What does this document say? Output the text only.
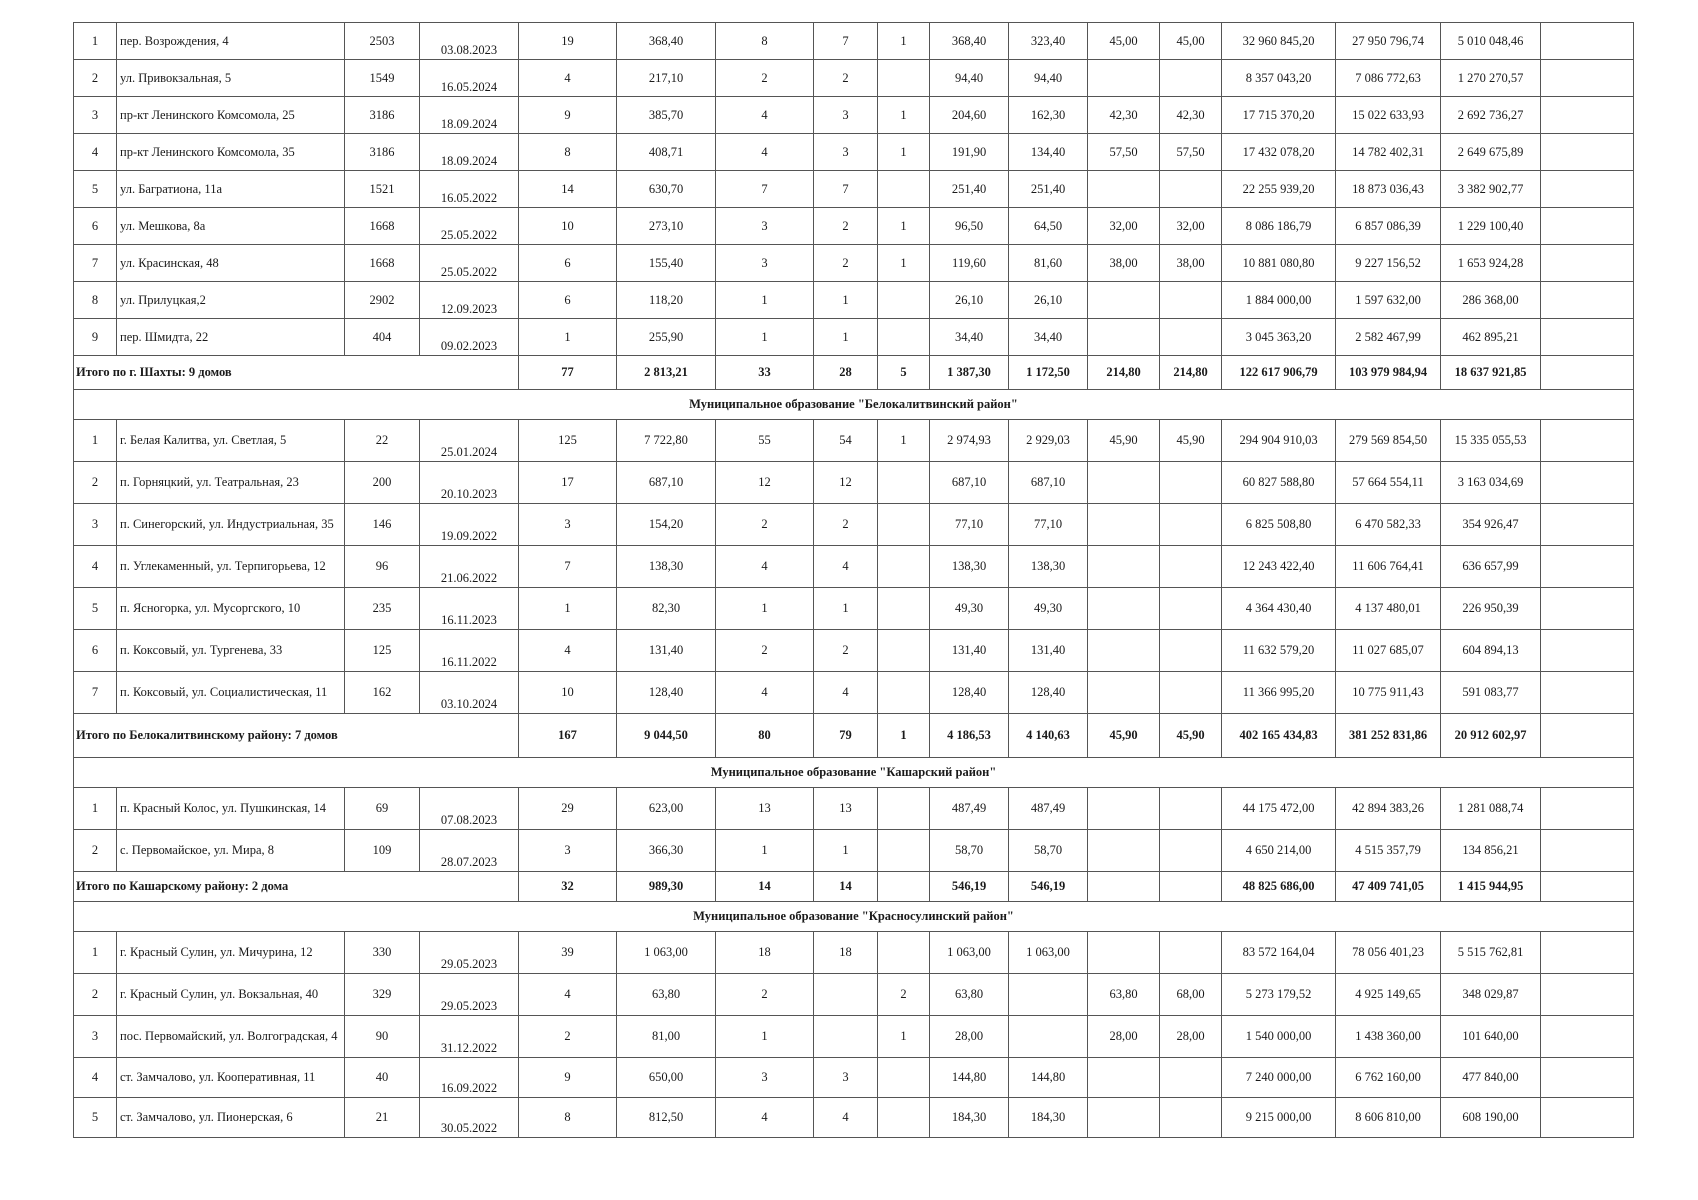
1	пер. Возрождения, 4	2503	03.08.2023	19	368,40	8	7	1	368,40	323,40	45,00	45,00	32 960 845,20	27 950 796,74	5 010 048,46	
2	ул. Привокзальная, 5	1549	16.05.2024	4	217,10	2	2		94,40	94,40			8 357 043,20	7 086 772,63	1 270 270,57	
3	пр-кт Ленинского Комсомола, 25	3186	18.09.2024	9	385,70	4	3	1	204,60	162,30	42,30	42,30	17 715 370,20	15 022 633,93	2 692 736,27	
4	пр-кт Ленинского Комсомола, 35	3186	18.09.2024	8	408,71	4	3	1	191,90	134,40	57,50	57,50	17 432 078,20	14 782 402,31	2 649 675,89	
5	ул. Багратиона, 11а	1521	16.05.2022	14	630,70	7	7		251,40	251,40			22 255 939,20	18 873 036,43	3 382 902,77	
6	ул. Мешкова, 8а	1668	25.05.2022	10	273,10	3	2	1	96,50	64,50	32,00	32,00	8 086 186,79	6 857 086,39	1 229 100,40	
7	ул. Красинская, 48	1668	25.05.2022	6	155,40	3	2	1	119,60	81,60	38,00	38,00	10 881 080,80	9 227 156,52	1 653 924,28	
8	ул. Прилуцкая,2	2902	12.09.2023	6	118,20	1	1		26,10	26,10			1 884 000,00	1 597 632,00	286 368,00	
9	пер. Шмидта, 22	404	09.02.2023	1	255,90	1	1		34,40	34,40			3 045 363,20	2 582 467,99	462 895,21	
Итого по г. Шахты: 9 домов				77	2 813,21	33	28	5	1 387,30	1 172,50	214,80	214,80	122 617 906,79	103 979 984,94	18 637 921,85	
Муниципальное образование "Белокалитвинский район"																
1	г. Белая Калитва, ул. Светлая, 5	22	25.01.2024	125	7 722,80	55	54	1	2 974,93	2 929,03	45,90	45,90	294 904 910,03	279 569 854,50	15 335 055,53	
2	п. Горняцкий, ул. Театральная, 23	200	20.10.2023	17	687,10	12	12		687,10	687,10			60 827 588,80	57 664 554,11	3 163 034,69	
3	п. Синегорский, ул. Индустриальная, 35	146	19.09.2022	3	154,20	2	2		77,10	77,10			6 825 508,80	6 470 582,33	354 926,47	
4	п. Углекаменный, ул. Терпигорьева, 12	96	21.06.2022	7	138,30	4	4		138,30	138,30			12 243 422,40	11 606 764,41	636 657,99	
5	п. Ясногорка, ул. Мусоргского, 10	235	16.11.2023	1	82,30	1	1		49,30	49,30			4 364 430,40	4 137 480,01	226 950,39	
6	п. Коксовый, ул. Тургенева, 33	125	16.11.2022	4	131,40	2	2		131,40	131,40			11 632 579,20	11 027 685,07	604 894,13	
7	п. Коксовый, ул. Социалистическая, 11	162	03.10.2024	10	128,40	4	4		128,40	128,40			11 366 995,20	10 775 911,43	591 083,77	
Итого по Белокалитвинскому району: 7 домов				167	9 044,50	80	79	1	4 186,53	4 140,63	45,90	45,90	402 165 434,83	381 252 831,86	20 912 602,97	
Муниципальное образование "Кашарский район"																
1	п. Красный Колос, ул. Пушкинская, 14	69	07.08.2023	29	623,00	13	13		487,49	487,49			44 175 472,00	42 894 383,26	1 281 088,74	
2	с. Первомайское, ул. Мира, 8	109	28.07.2023	3	366,30	1	1		58,70	58,70			4 650 214,00	4 515 357,79	134 856,21	
Итого по Кашарскому району: 2 дома				32	989,30	14	14		546,19	546,19			48 825 686,00	47 409 741,05	1 415 944,95	
Муниципальное образование "Красносулинский район"																
1	г. Красный Сулин, ул. Мичурина, 12	330	29.05.2023	39	1 063,00	18	18		1 063,00	1 063,00			83 572 164,04	78 056 401,23	5 515 762,81	
2	г. Красный Сулин, ул. Вокзальная, 40	329	29.05.2023	4	63,80	2		2	63,80		63,80	68,00	5 273 179,52	4 925 149,65	348 029,87	
3	пос. Первомайский, ул. Волгоградская, 4	90	31.12.2022	2	81,00	1		1	28,00		28,00	28,00	1 540 000,00	1 438 360,00	101 640,00	
4	ст. Замчалово, ул. Кооперативная, 11	40	16.09.2022	9	650,00	3	3		144,80	144,80			7 240 000,00	6 762 160,00	477 840,00	
5	ст. Замчалово, ул. Пионерская, 6	21	30.05.2022	8	812,50	4	4		184,30	184,30			9 215 000,00	8 606 810,00	608 190,00	
